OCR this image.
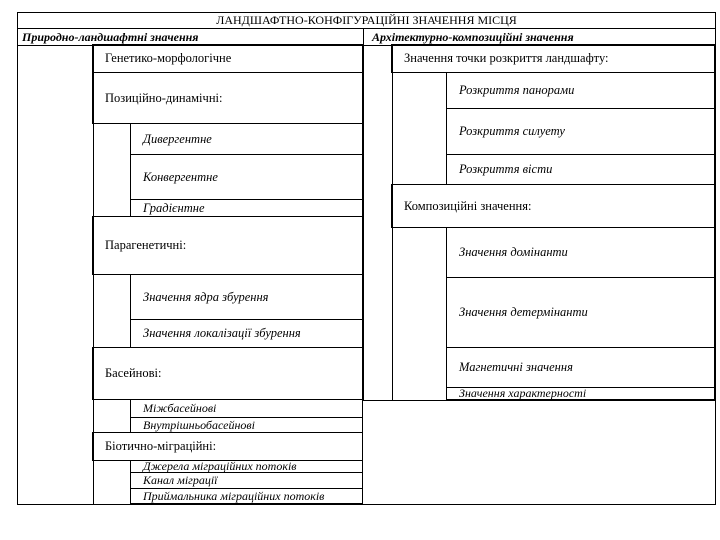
ЛАНДШАФТНО-КОНФІГУРАЦІЙНІ ЗНАЧЕННЯ МІСЦЯ
Природно-ландшафтні значення	Архітектурно-композиційні значення
Генетико-морфологічне
Позиційно-динамічні:
Дивергентне
Конвергентне
Градієнтне
Парагенетичні:
Значення ядра збурення
Значення локалізації збурення
Басейнові:
Міжбасейнові
Внутрішньобасейнові
Біотично-міграційні:
Джерела міграційних потоків
Канал міграції
Приймальника міграційних потоків
Значення точки розкриття ландшафту:
Розкриття панорами
Розкриття силуету
Розкриття вісти
Композиційні значення:
Значення домінанти
Значення детермінанти
Магнетичні значення
Значення характерності
